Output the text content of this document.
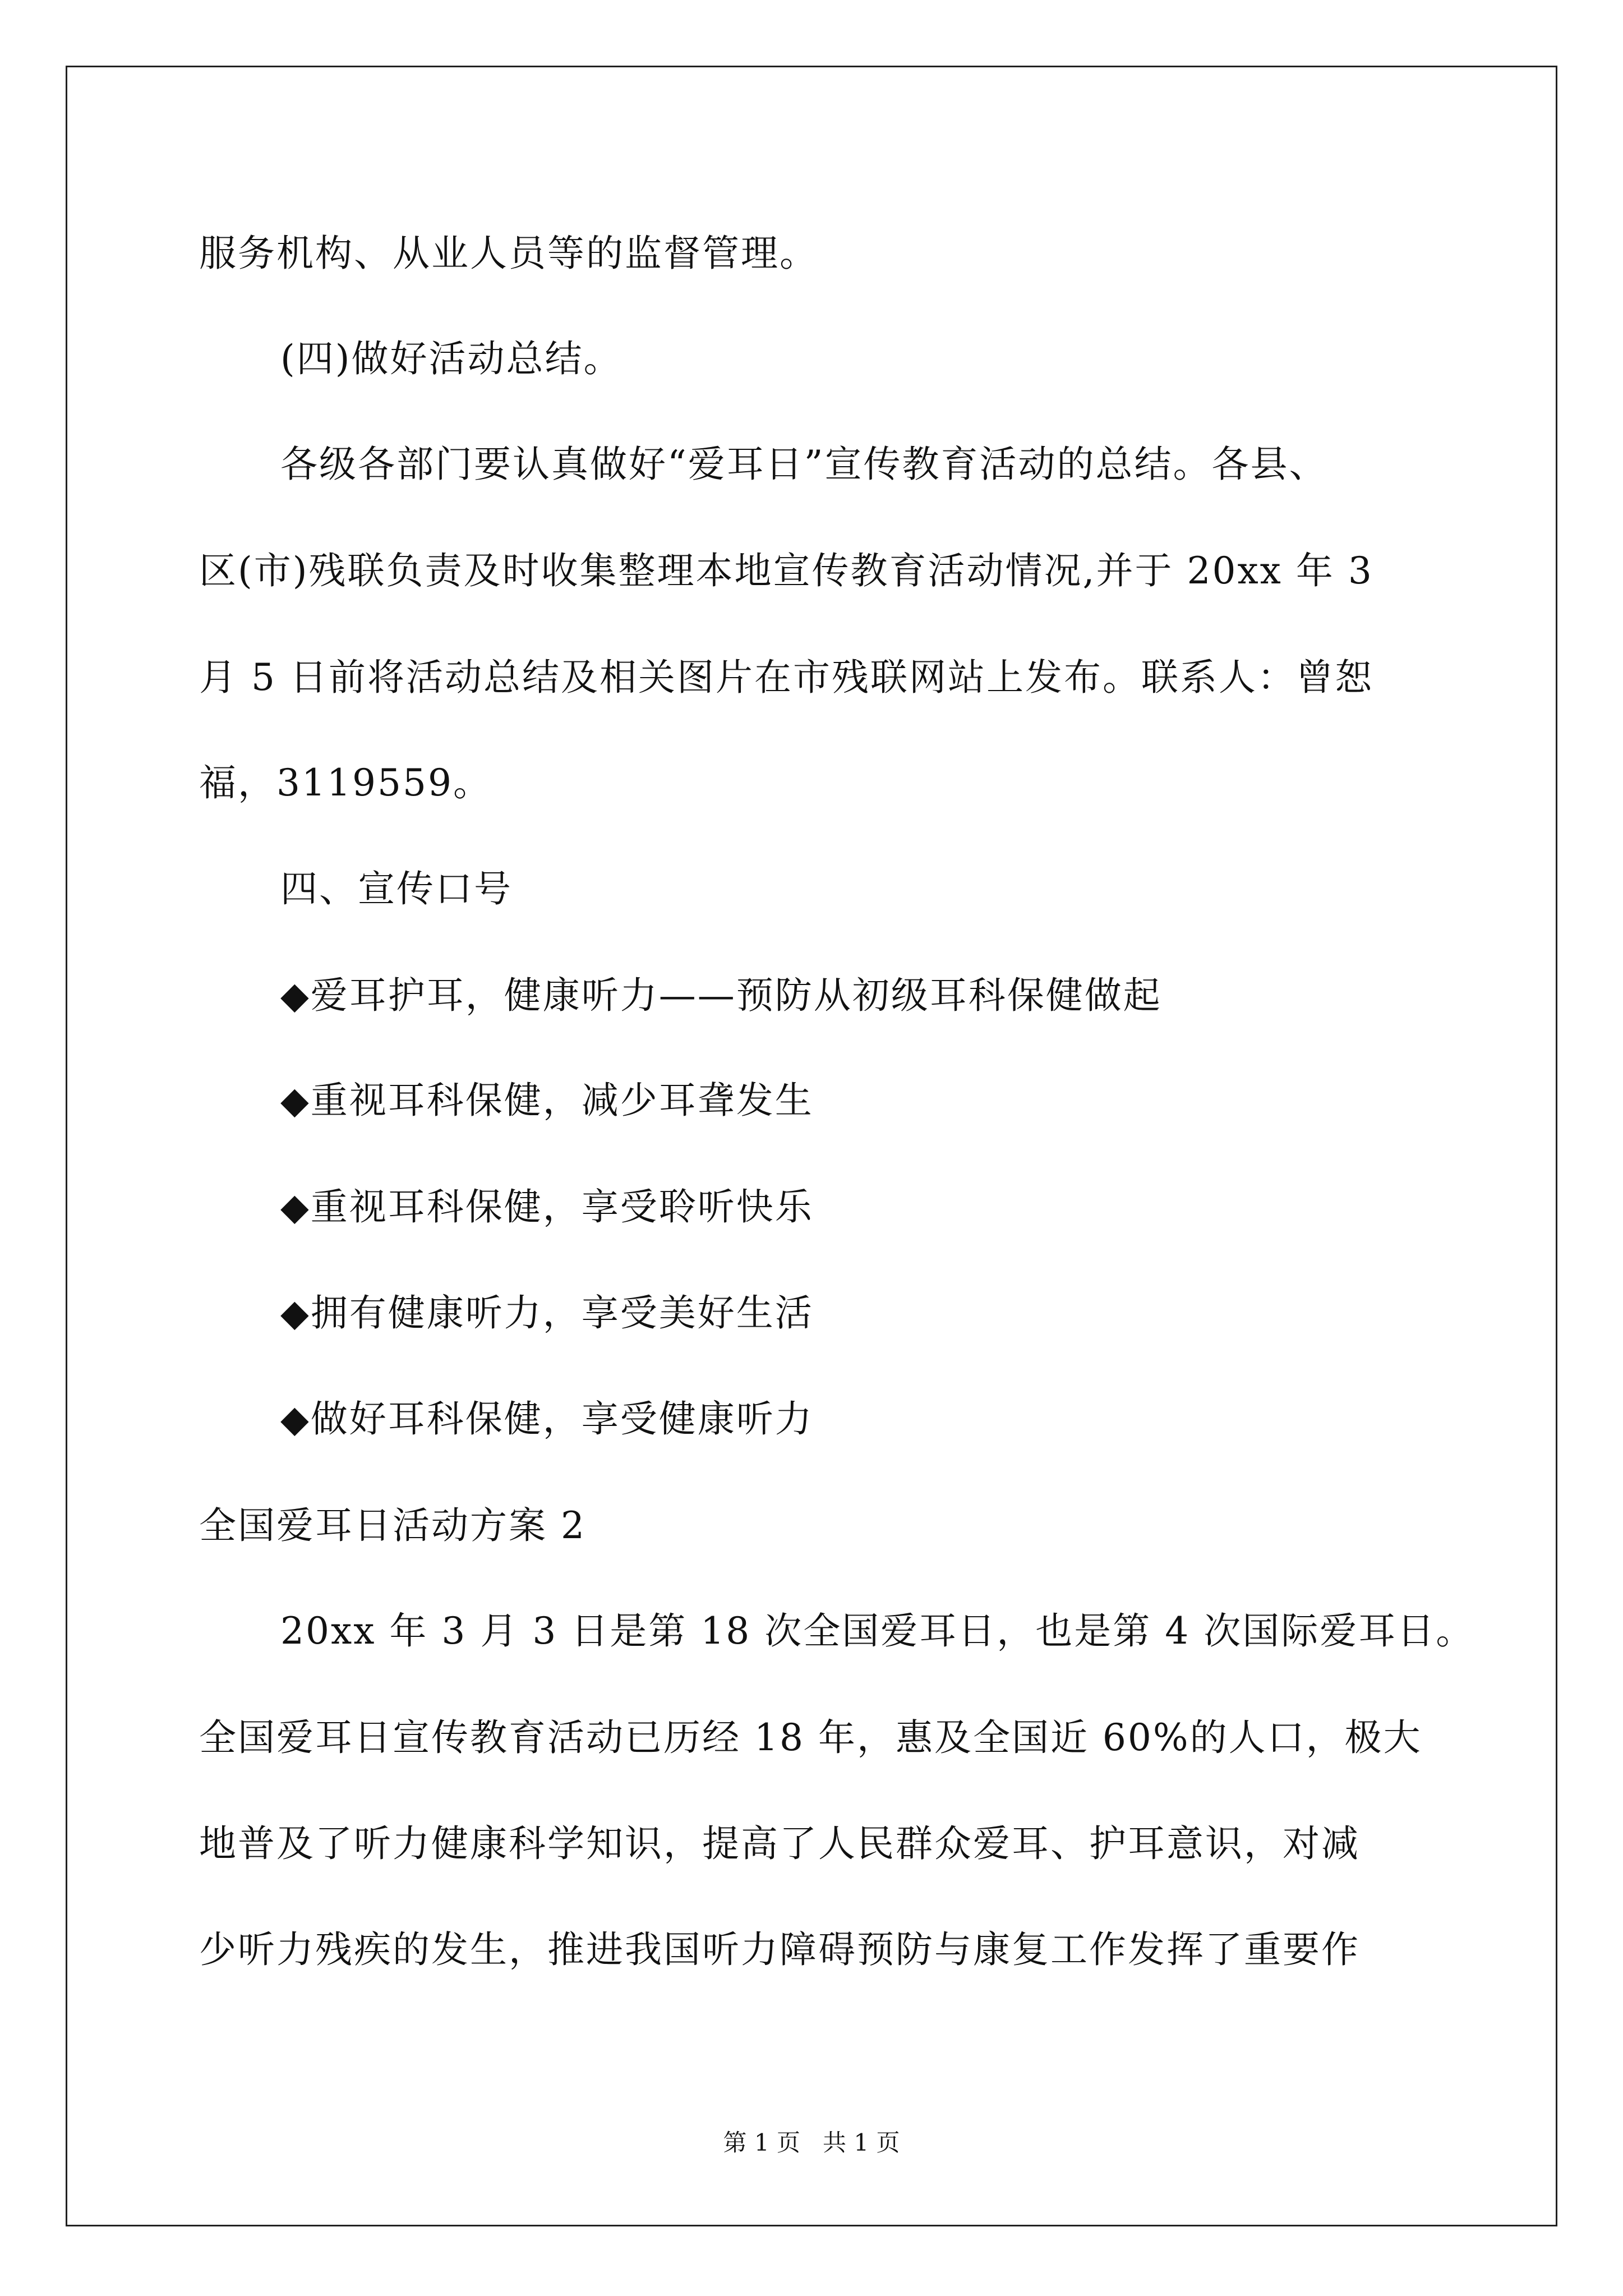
服务机构、从业人员等的监督管理。
(四)做好活动总结。
各级各部门要认真做好“爱耳日”宣传教育活动的总结。各县、
区(市)残联负责及时收集整理本地宣传教育活动情况,并于 20xx 年 3
月 5 日前将活动总结及相关图片在市残联网站上发布。联系人：曾恕
福，3119559。
四、宣传口号
◆爱耳护耳，健康听力——预防从初级耳科保健做起
◆重视耳科保健，减少耳聋发生
◆重视耳科保健，享受聆听快乐
◆拥有健康听力，享受美好生活
◆做好耳科保健，享受健康听力
全国爱耳日活动方案 2
20xx 年 3 月 3 日是第 18 次全国爱耳日，也是第 4 次国际爱耳日。
全国爱耳日宣传教育活动已历经 18 年，惠及全国近 60%的人口，极大
地普及了听力健康科学知识，提高了人民群众爱耳、护耳意识，对减
少听力残疾的发生，推进我国听力障碍预防与康复工作发挥了重要作
第 1 页   共 1 页
